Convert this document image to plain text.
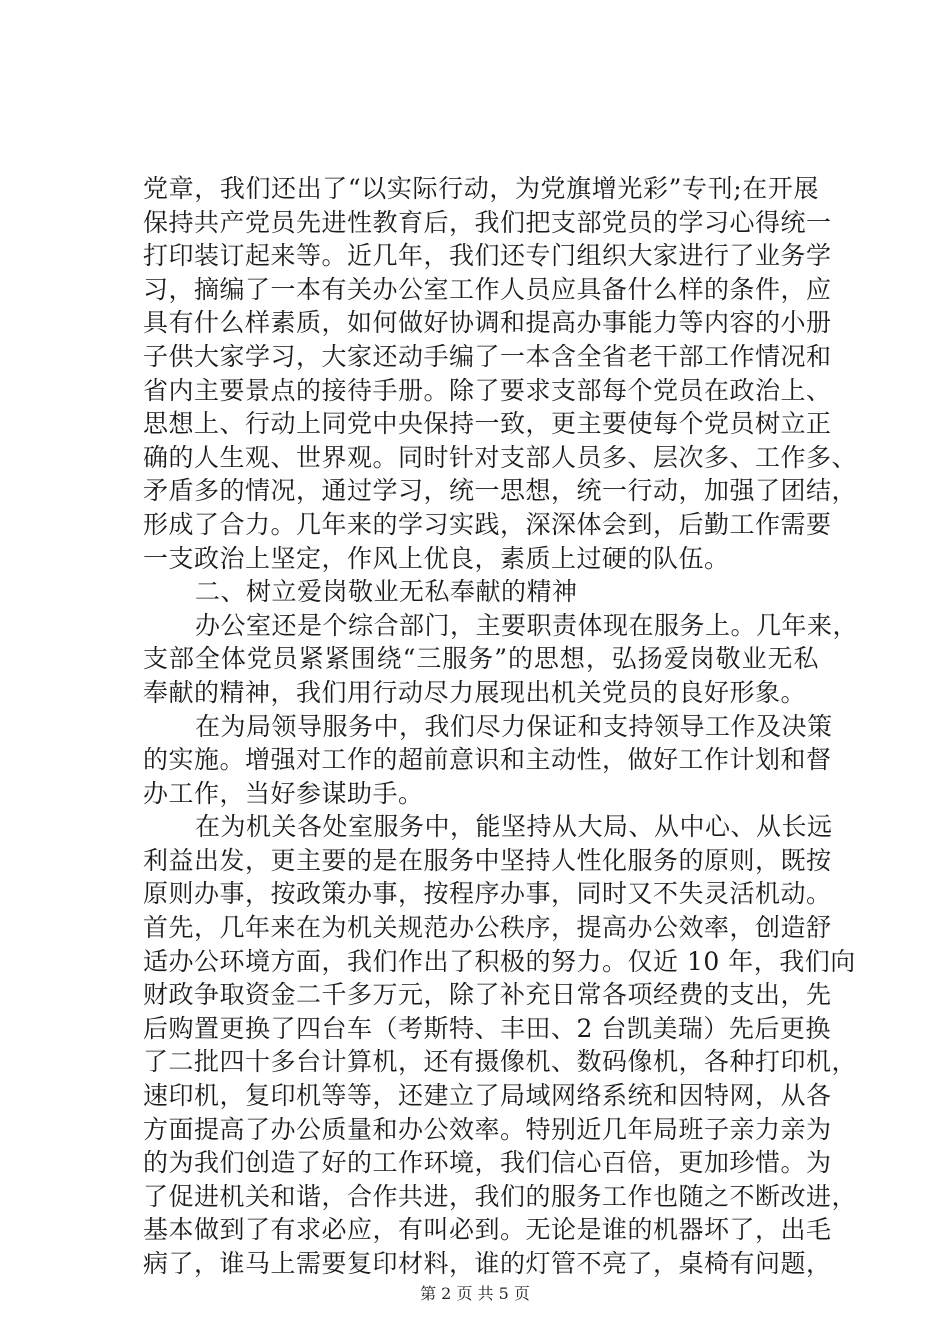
党章，我们还出了“以实际行动，为党旗增光彩”专刊;在开展
保持共产党员先进性教育后，我们把支部党员的学习心得统一
打印装订起来等。近几年，我们还专门组织大家进行了业务学
习，摘编了一本有关办公室工作人员应具备什么样的条件，应
具有什么样素质，如何做好协调和提高办事能力等内容的小册
子供大家学习，大家还动手编了一本含全省老干部工作情况和
省内主要景点的接待手册。除了要求支部每个党员在政治上、
思想上、行动上同党中央保持一致，更主要使每个党员树立正
确的人生观、世界观。同时针对支部人员多、层次多、工作多、
矛盾多的情况，通过学习，统一思想，统一行动，加强了团结，
形成了合力。几年来的学习实践，深深体会到，后勤工作需要
一支政治上坚定，作风上优良，素质上过硬的队伍。
二、树立爱岗敬业无私奉献的精神
办公室还是个综合部门，主要职责体现在服务上。几年来，
支部全体党员紧紧围绕“三服务”的思想，弘扬爱岗敬业无私
奉献的精神，我们用行动尽力展现出机关党员的良好形象。
在为局领导服务中，我们尽力保证和支持领导工作及决策
的实施。增强对工作的超前意识和主动性，做好工作计划和督
办工作，当好参谋助手。
在为机关各处室服务中，能坚持从大局、从中心、从长远
利益出发，更主要的是在服务中坚持人性化服务的原则，既按
原则办事，按政策办事，按程序办事，同时又不失灵活机动。
首先，几年来在为机关规范办公秩序，提高办公效率，创造舒
适办公环境方面，我们作出了积极的努力。仅近 10 年，我们向
财政争取资金二千多万元，除了补充日常各项经费的支出，先
后购置更换了四台车（考斯特、丰田、2 台凯美瑞）先后更换
了二批四十多台计算机，还有摄像机、数码像机，各种打印机，
速印机，复印机等等，还建立了局域网络系统和因特网，从各
方面提高了办公质量和办公效率。特别近几年局班子亲力亲为
的为我们创造了好的工作环境，我们信心百倍，更加珍惜。为
了促进机关和谐，合作共进，我们的服务工作也随之不断改进，
基本做到了有求必应，有叫必到。无论是谁的机器坏了，出毛
病了，谁马上需要复印材料，谁的灯管不亮了，桌椅有问题，
第 2 页 共 5 页
